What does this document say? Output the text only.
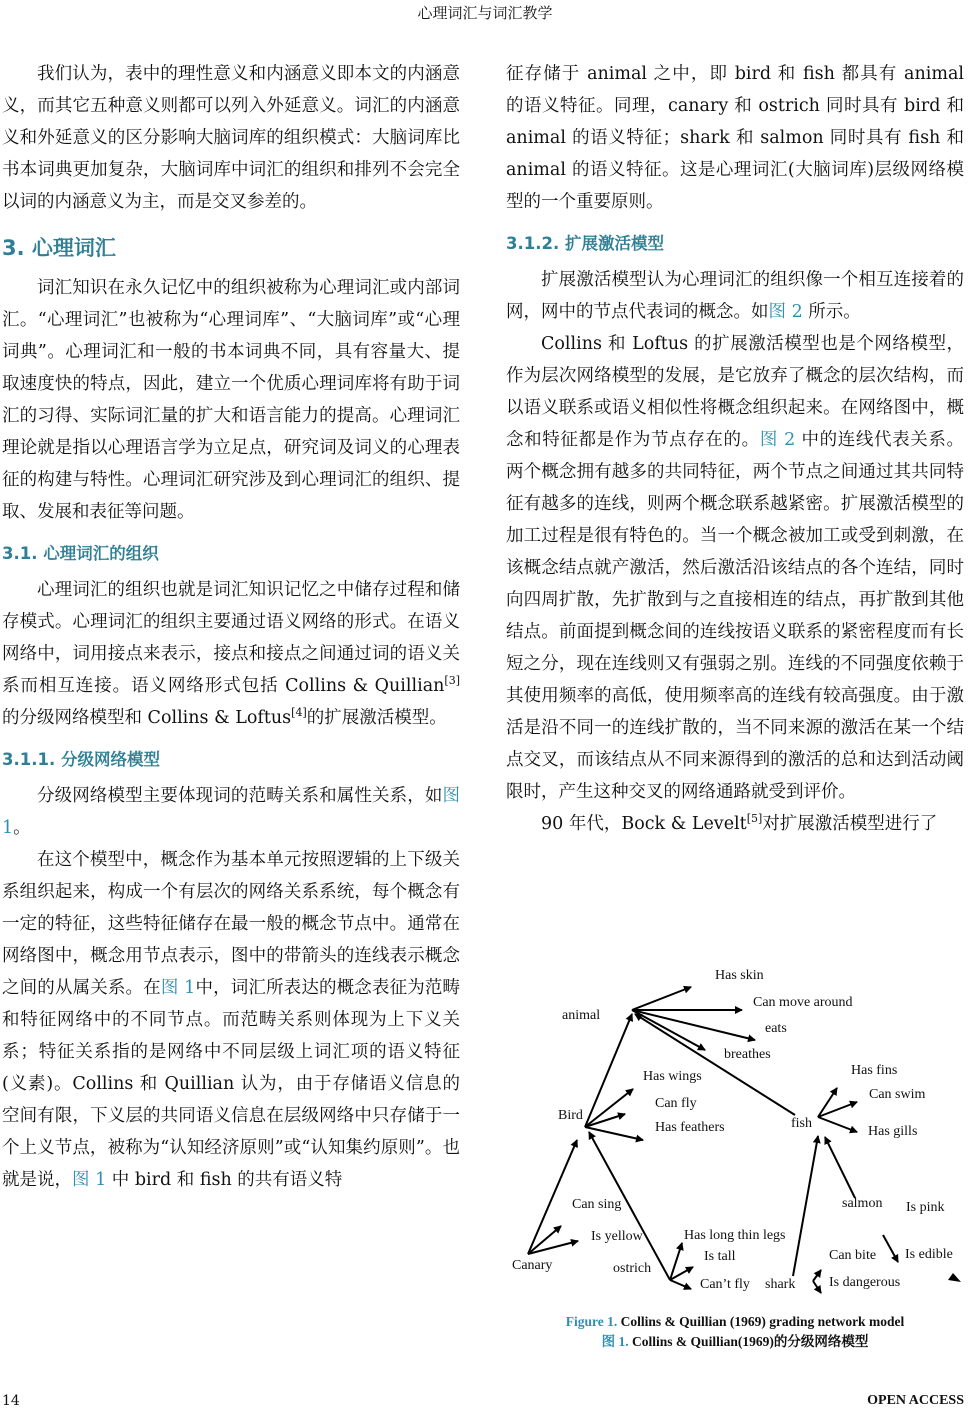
心理词汇与词汇教学

我们认为，表中的理性意义和内涵意义即本文的内涵意义，而其它五种意义则都可以列入外延意义。词汇的内涵意义和外延意义的区分影响大脑词库的组织模式：大脑词库比书本词典更加复杂，大脑词库中词汇的组织和排列不会完全以词的内涵意义为主，而是交叉参差的。

3. 心理词汇

词汇知识在永久记忆中的组织被称为心理词汇或内部词汇。“心理词汇”也被称为“心理词库”、“大脑词库”或“心理词典”。心理词汇和一般的书本词典不同，具有容量大、提取速度快的特点，因此，建立一个优质心理词库将有助于词汇的习得、实际词汇量的扩大和语言能力的提高。心理词汇理论就是指以心理语言学为立足点，研究词及词义的心理表征的构建与特性。心理词汇研究涉及到心理词汇的组织、提取、发展和表征等问题。

3.1. 心理词汇的组织

心理词汇的组织也就是词汇知识记忆之中储存过程和储存模式。心理词汇的组织主要通过语义网络的形式。在语义网络中，词用接点来表示，接点和接点之间通过词的语义关系而相互连接。语义网络形式包括 Collins & Quillian[3]的分级网络模型和 Collins & Loftus[4]的扩展激活模型。

3.1.1. 分级网络模型

分级网络模型主要体现词的范畴关系和属性关系，如图 1。

在这个模型中，概念作为基本单元按照逻辑的上下级关系组织起来，构成一个有层次的网络关系系统，每个概念有一定的特征，这些特征储存在最一般的概念节点中。通常在网络图中，概念用节点表示，图中的带箭头的连线表示概念之间的从属关系。在图 1中，词汇所表达的概念表征为范畴和特征网络中的不同节点。而范畴关系则体现为上下义关系；特征关系指的是网络中不同层级上词汇项的语义特征(义素)。Collins 和 Quillian 认为，由于存储语义信息的空间有限，下义层的共同语义信息在层级网络中只存储于一个上义节点，被称为“认知经济原则”或“认知集约原则”。也就是说，图 1 中 bird 和 fish 的共有语义特

征存储于 animal 之中，即 bird 和 fish 都具有 animal 的语义特征。同理，canary 和 ostrich 同时具有 bird 和 animal 的语义特征；shark 和 salmon 同时具有 fish 和 animal 的语义特征。这是心理词汇(大脑词库)层级网络模型的一个重要原则。

3.1.2. 扩展激活模型

扩展激活模型认为心理词汇的组织像一个相互连接着的网，网中的节点代表词的概念。如图 2 所示。

Collins 和 Loftus 的扩展激活模型也是个网络模型，作为层次网络模型的发展，是它放弃了概念的层次结构，而以语义联系或语义相似性将概念组织起来。在网络图中，概念和特征都是作为节点存在的。图 2 中的连线代表关系。两个概念拥有越多的共同特征，两个节点之间通过其共同特征有越多的连线，则两个概念联系越紧密。扩展激活模型的加工过程是很有特色的。当一个概念被加工或受到刺激，在该概念结点就产激活，然后激活沿该结点的各个连结，同时向四周扩散，先扩散到与之直接相连的结点，再扩散到其他结点。前面提到概念间的连线按语义联系的紧密程度而有长短之分，现在连线则又有强弱之别。连线的不同强度依赖于其使用频率的高低，使用频率高的连线有较高强度。由于激活是沿不同一的连线扩散的，当不同来源的激活在某一个结点交叉，而该结点从不同来源得到的激活的总和达到活动阈限时，产生这种交叉的网络通路就受到评价。

90 年代，Bock & Levelt[5]对扩展激活模型进行了

Has skin
Can move around
animal
eats
breathes
Has wings	Has fins
Can swim
Can fly
Bird
fish
Has feathers	Has gills
Can sing	salmon Is pink
Is yellow	Has long thin legs
Is tall	Can bite Is edible
Canary	ostrich
Can’t fly shark Is dangerous
Figure 1. Collins & Quillian (1969) grading network model
图 1. Collins & Quillian(1969)的分级网络模型
14	OPEN ACCESS
